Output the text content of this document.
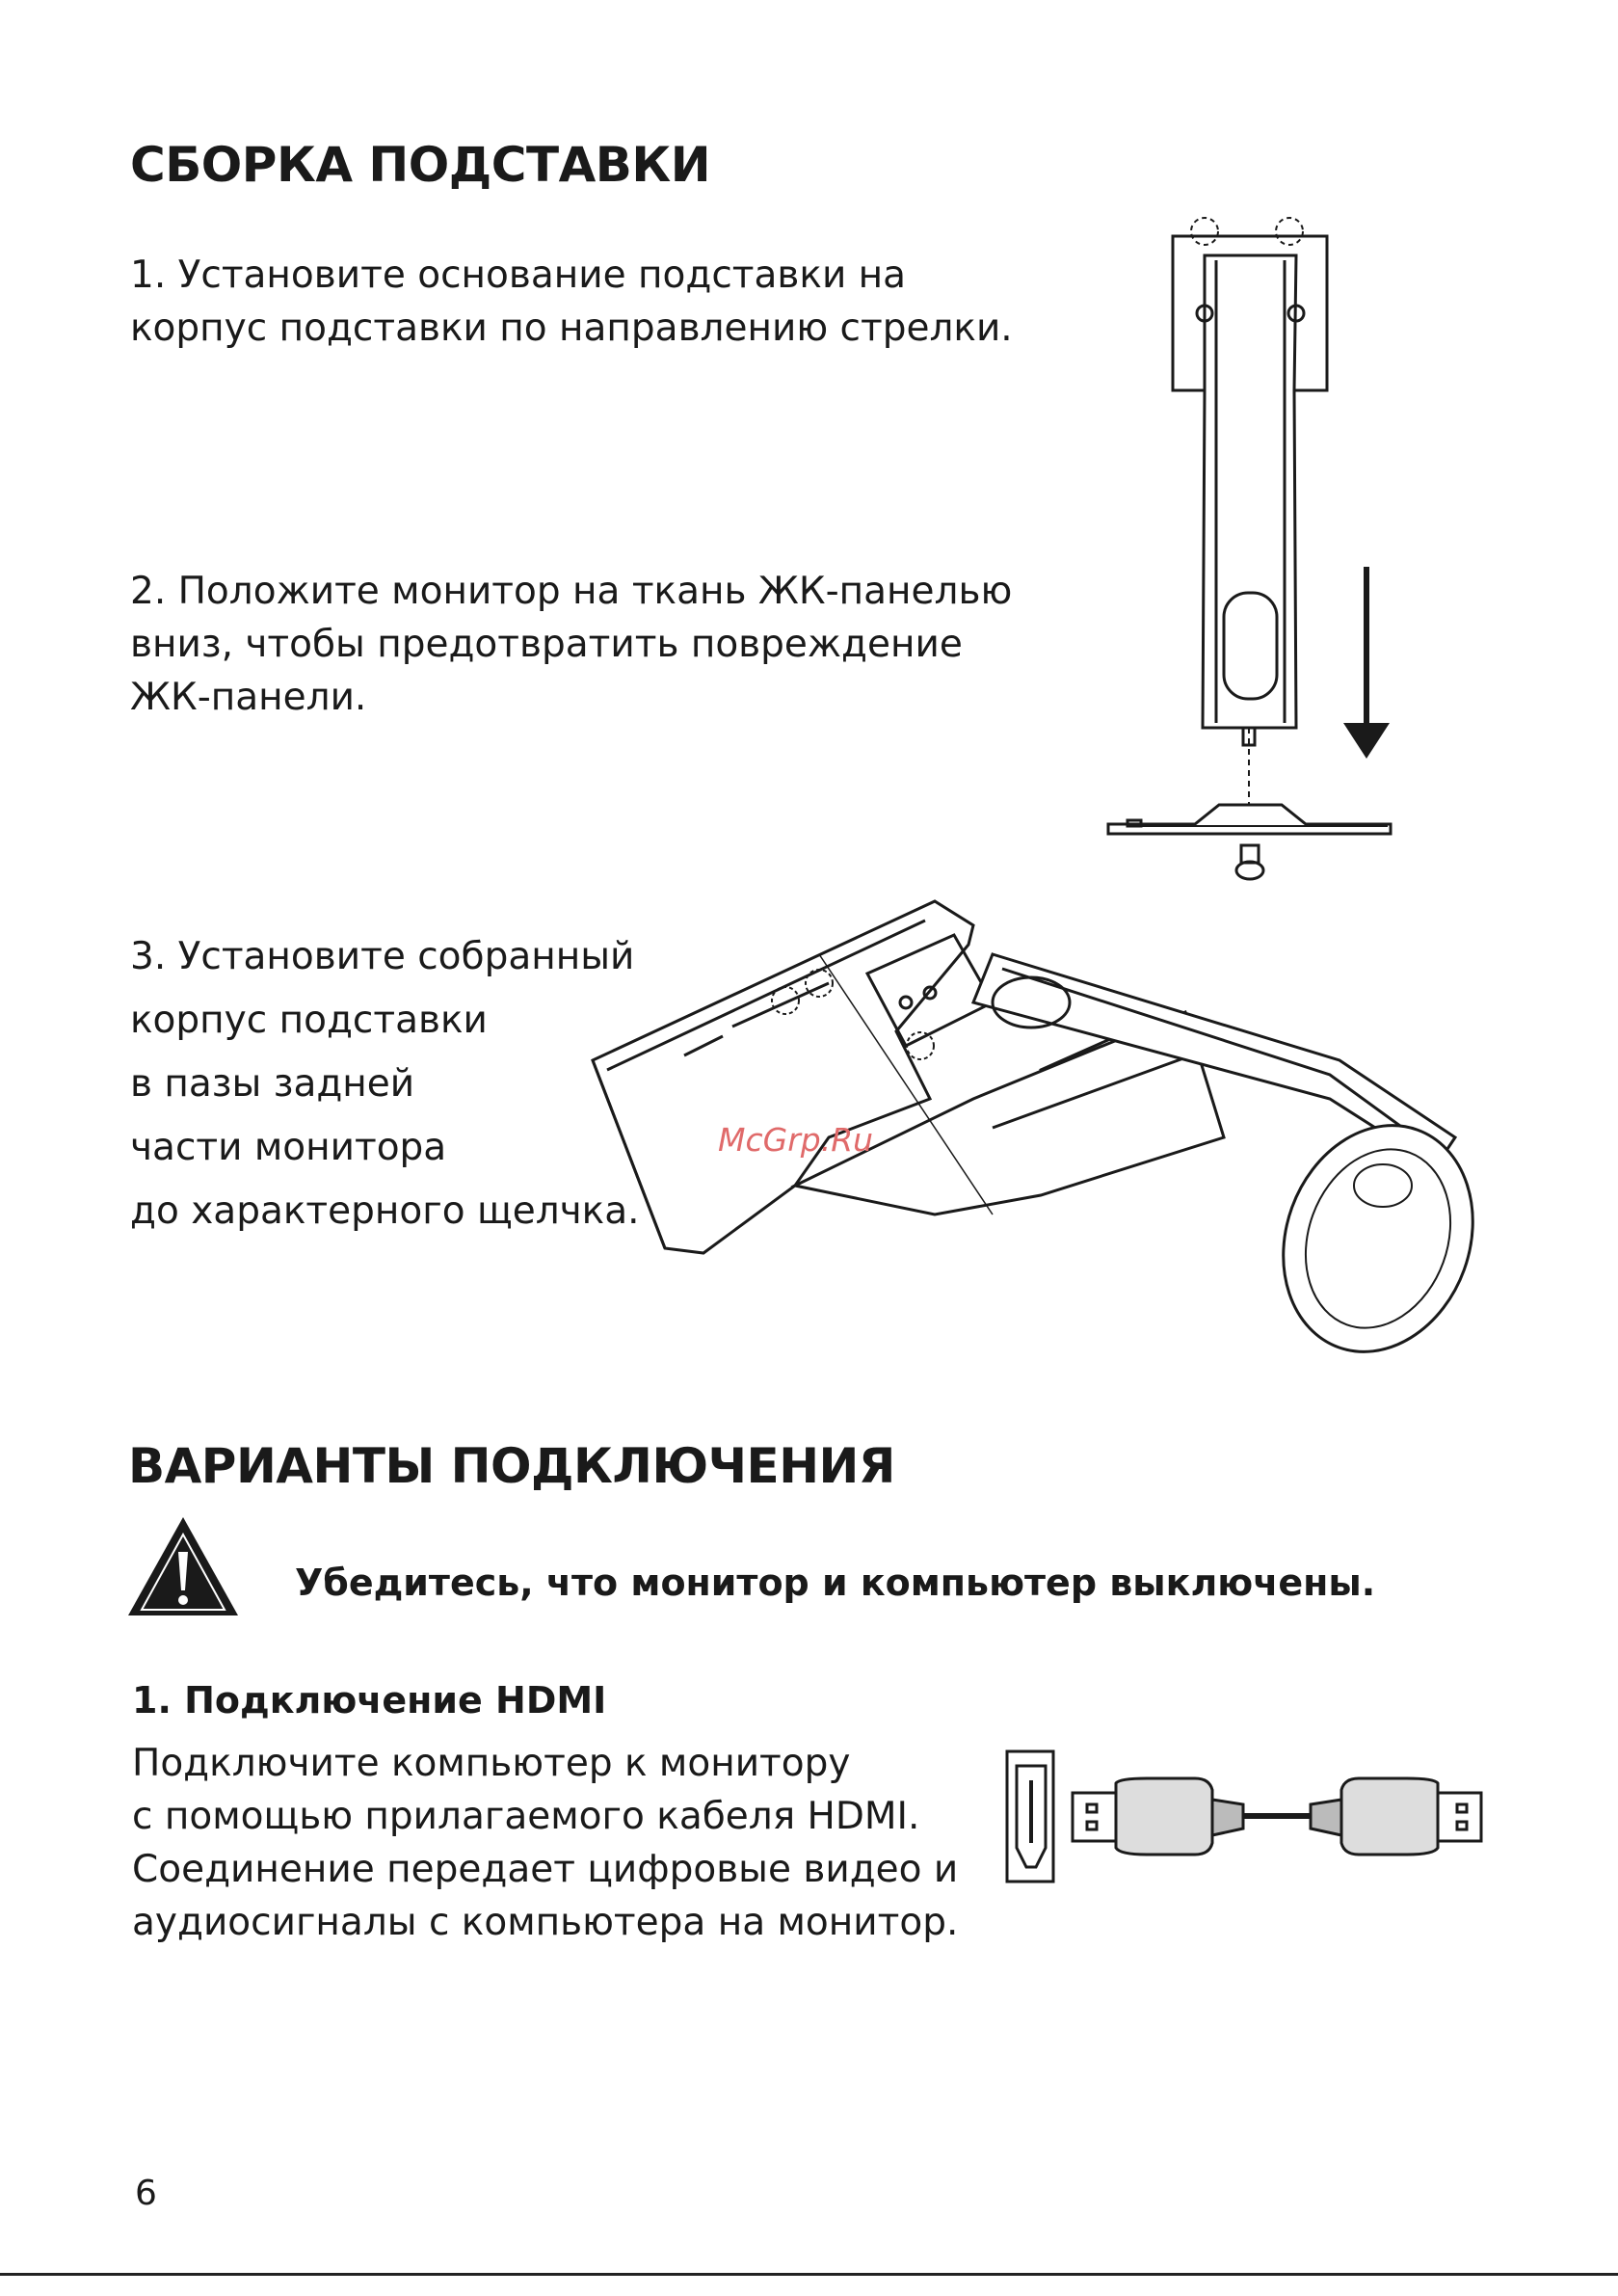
СБОРКА ПОДСТАВКИ
1. Установите основание подставки на
корпус подставки по направлению стрелки.
2. Положите монитор на ткань ЖК-панелью
вниз, чтобы предотвратить повреждение
ЖК-панели.
3. Установите собранный
корпус подставки
в пазы задней
части монитора
до характерного щелчка.
McGrp.Ru
ВАРИАНТЫ ПОДКЛЮЧЕНИЯ
Убедитесь, что монитор и компьютер выключены.
1. Подключение HDMI
Подключите компьютер к монитору
с помощью прилагаемого кабеля HDMI.
Соединение передает цифровые видео и
аудиосигналы с компьютера на монитор.
6
